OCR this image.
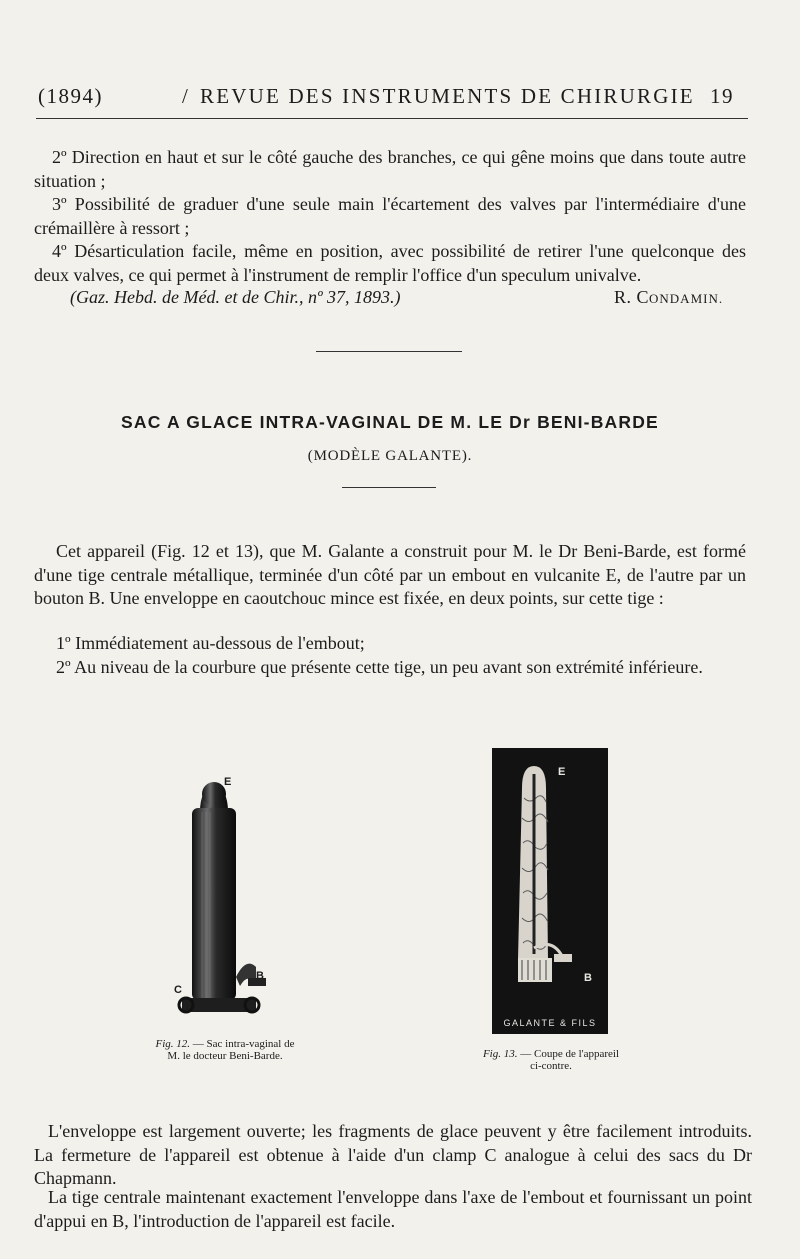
(1894)	/ REVUE DES INSTRUMENTS DE CHIRURGIE 19
2º Direction en haut et sur le côté gauche des branches, ce qui gêne moins que dans toute autre situation ;
3º Possibilité de graduer d'une seule main l'écartement des valves par l'intermédiaire d'une crémaillère à ressort ;
4º Désarticulation facile, même en position, avec possibilité de retirer l'une quelconque des deux valves, ce qui permet à l'instrument de remplir l'office d'un speculum univalve.
(Gaz. Hebd. de Méd. et de Chir., nº 37, 1893.)	R. CONDAMIN.
SAC A GLACE INTRA-VAGINAL DE M. LE Dr BENI-BARDE
(MODÈLE GALANTE).
Cet appareil (Fig. 12 et 13), que M. Galante a construit pour M. le Dr Beni-Barde, est formé d'une tige centrale métallique, terminée d'un côté par un embout en vulcanite E, de l'autre par un bouton B. Une enveloppe en caoutchouc mince est fixée, en deux points, sur cette tige :
1º Immédiatement au-dessous de l'embout;
2º Au niveau de la courbure que présente cette tige, un peu avant son extrémité inférieure.
E
B
C
Fig. 12. — Sac intra-vaginal de M. le docteur Beni-Barde.
E
B
GALANTE & FILS
Fig. 13. — Coupe de l'appareil ci-contre.
L'enveloppe est largement ouverte; les fragments de glace peuvent y être facilement introduits. La fermeture de l'appareil est obtenue à l'aide d'un clamp C analogue à celui des sacs du Dr Chapmann.
La tige centrale maintenant exactement l'enveloppe dans l'axe de l'embout et fournissant un point d'appui en B, l'introduction de l'appareil est facile.
